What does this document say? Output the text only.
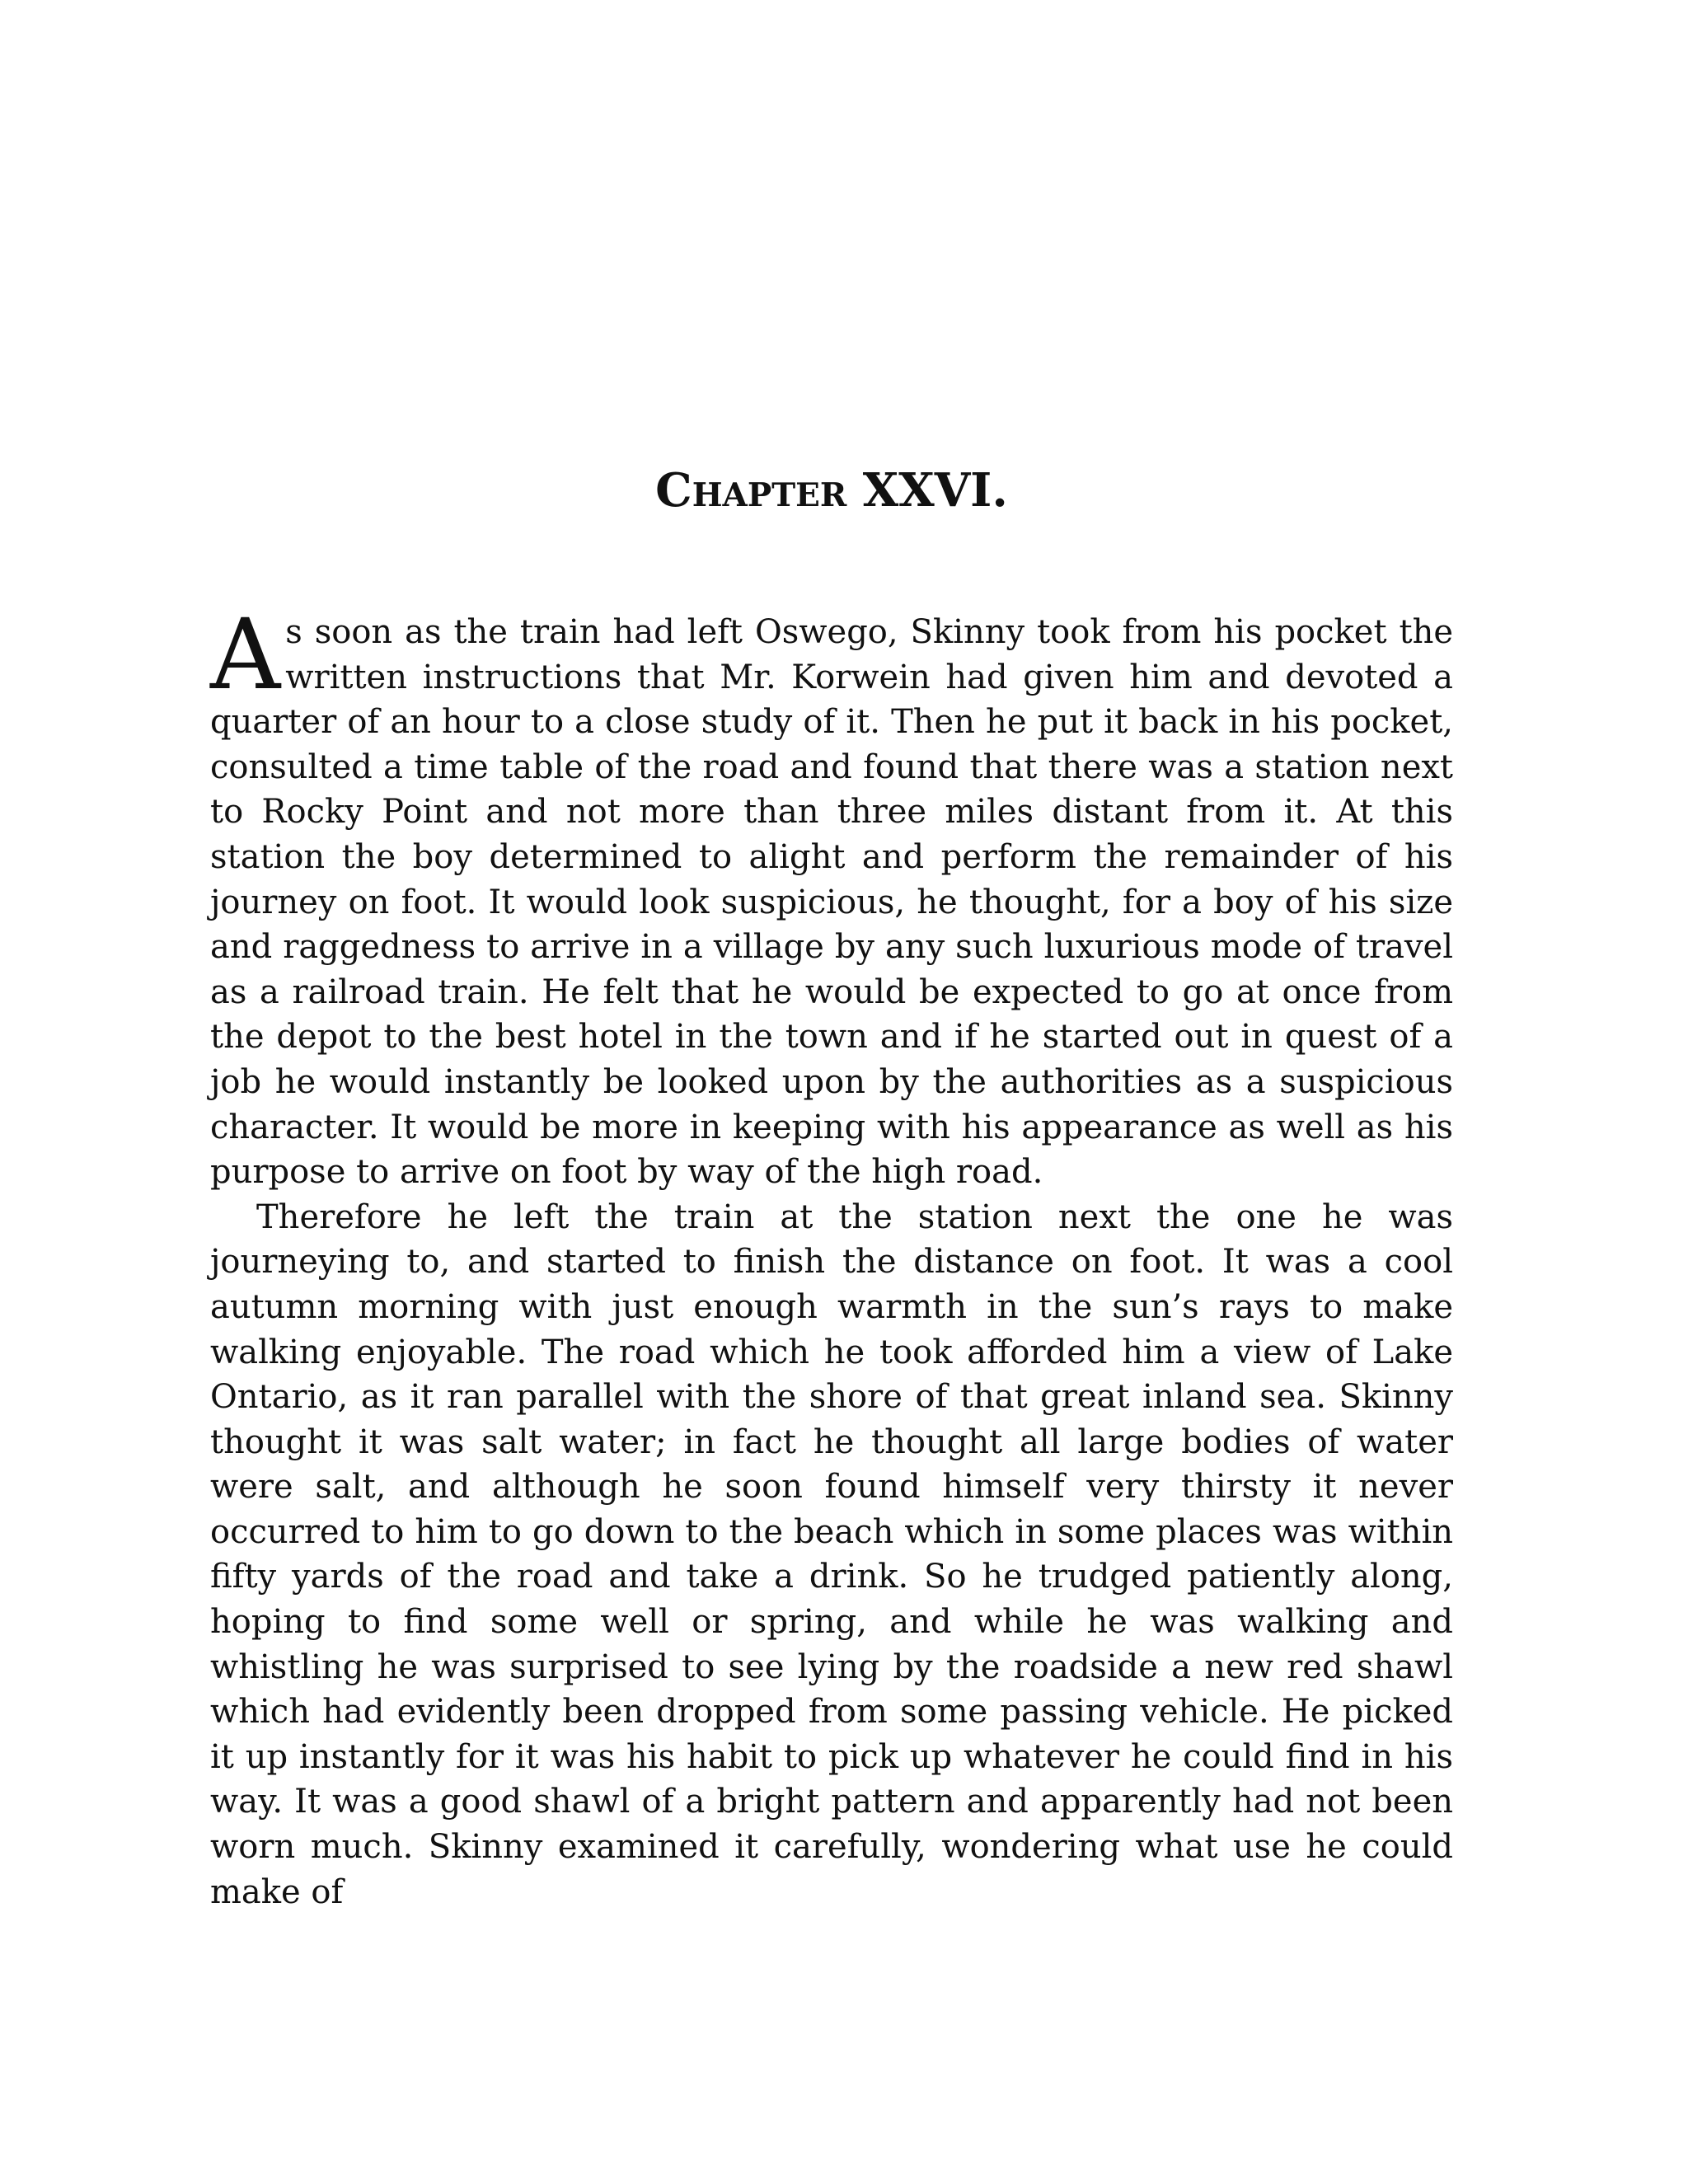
Chapter XXVI.

As soon as the train had left Oswego, Skinny took from his pocket the written instructions that Mr. Korwein had given him and devoted a quarter of an hour to a close study of it. Then he put it back in his pocket, consulted a time table of the road and found that there was a station next to Rocky Point and not more than three miles distant from it. At this station the boy determined to alight and perform the remainder of his journey on foot. It would look suspicious, he thought, for a boy of his size and raggedness to arrive in a village by any such luxurious mode of travel as a railroad train. He felt that he would be expected to go at once from the depot to the best hotel in the town and if he started out in quest of a job he would instantly be looked upon by the authorities as a suspicious character. It would be more in keeping with his appearance as well as his purpose to arrive on foot by way of the high road.

Therefore he left the train at the station next the one he was journeying to, and started to finish the distance on foot. It was a cool autumn morning with just enough warmth in the sun’s rays to make walking enjoyable. The road which he took afforded him a view of Lake Ontario, as it ran parallel with the shore of that great inland sea. Skinny thought it was salt water; in fact he thought all large bodies of water were salt, and although he soon found himself very thirsty it never occurred to him to go down to the beach which in some places was within fifty yards of the road and take a drink. So he trudged patiently along, hoping to find some well or spring, and while he was walking and whistling he was surprised to see lying by the roadside a new red shawl which had evidently been dropped from some passing vehicle. He picked it up instantly for it was his habit to pick up whatever he could find in his way. It was a good shawl of a bright pattern and apparently had not been worn much. Skinny examined it carefully, wondering what use he could make of
